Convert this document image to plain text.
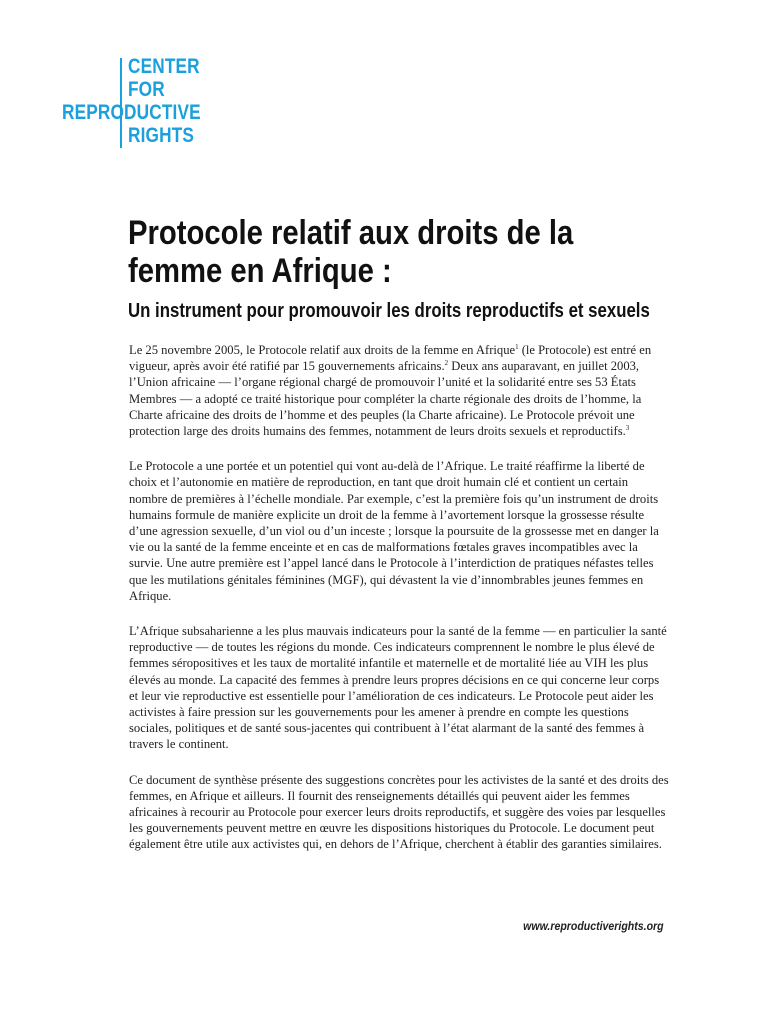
CENTER
FOR
REPRODUCTIVE
RIGHTS
Protocole relatif aux droits de la femme en Afrique :
Un instrument pour promouvoir les droits reproductifs et sexuels

Le 25 novembre 2005, le Protocole relatif aux droits de la femme en Afrique$^1$ (le Protocole) est entré en vigueur, après avoir été ratifié par 15 gouvernements africains.$^2$ Deux ans auparavant, en juillet 2003, l’Union africaine — l’organe régional chargé de promouvoir l’unité et la solidarité entre ses 53 États Membres — a adopté ce traité historique pour compléter la charte régionale des droits de l’homme, la Charte africaine des droits de l’homme et des peuples (la Charte africaine). Le Protocole prévoit une protection large des droits humains des femmes, notamment de leurs droits sexuels et reproductifs.$^3$

Le Protocole a une portée et un potentiel qui vont au-delà de l’Afrique. Le traité réaffirme la liberté de choix et l’autonomie en matière de reproduction, en tant que droit humain clé et contient un certain nombre de premières à l’échelle mondiale. Par exemple, c’est la première fois qu’un instrument de droits humains formule de manière explicite un droit de la femme à l’avortement lorsque la grossesse résulte d’une agression sexuelle, d’un viol ou d’un inceste ; lorsque la poursuite de la grossesse met en danger la vie ou la santé de la femme enceinte et en cas de malformations fœtales graves incompatibles avec la survie. Une autre première est l’appel lancé dans le Protocole à l’interdiction de pratiques néfastes telles que les mutilations génitales féminines (MGF), qui dévastent la vie d’innombrables jeunes femmes en Afrique.

L’Afrique subsaharienne a les plus mauvais indicateurs pour la santé de la femme — en particulier la santé reproductive — de toutes les régions du monde. Ces indicateurs comprennent le nombre le plus élevé de femmes séropositives et les taux de mortalité infantile et maternelle et de mortalité liée au VIH les plus élevés au monde. La capacité des femmes à prendre leurs propres décisions en ce qui concerne leur corps et leur vie reproductive est essentielle pour l’amélioration de ces indicateurs. Le Protocole peut aider les activistes à faire pression sur les gouvernements pour les amener à prendre en compte les questions sociales, politiques et de santé sous-jacentes qui contribuent à l’état alarmant de la santé des femmes à travers le continent.

Ce document de synthèse présente des suggestions concrètes pour les activistes de la santé et des droits des femmes, en Afrique et ailleurs. Il fournit des renseignements détaillés qui peuvent aider les femmes africaines à recourir au Protocole pour exercer leurs droits reproductifs, et suggère des voies par lesquelles les gouvernements peuvent mettre en œuvre les dispositions historiques du Protocole. Le document peut également être utile aux activistes qui, en dehors de l’Afrique, cherchent à établir des garanties similaires.

www.reproductiverights.org
